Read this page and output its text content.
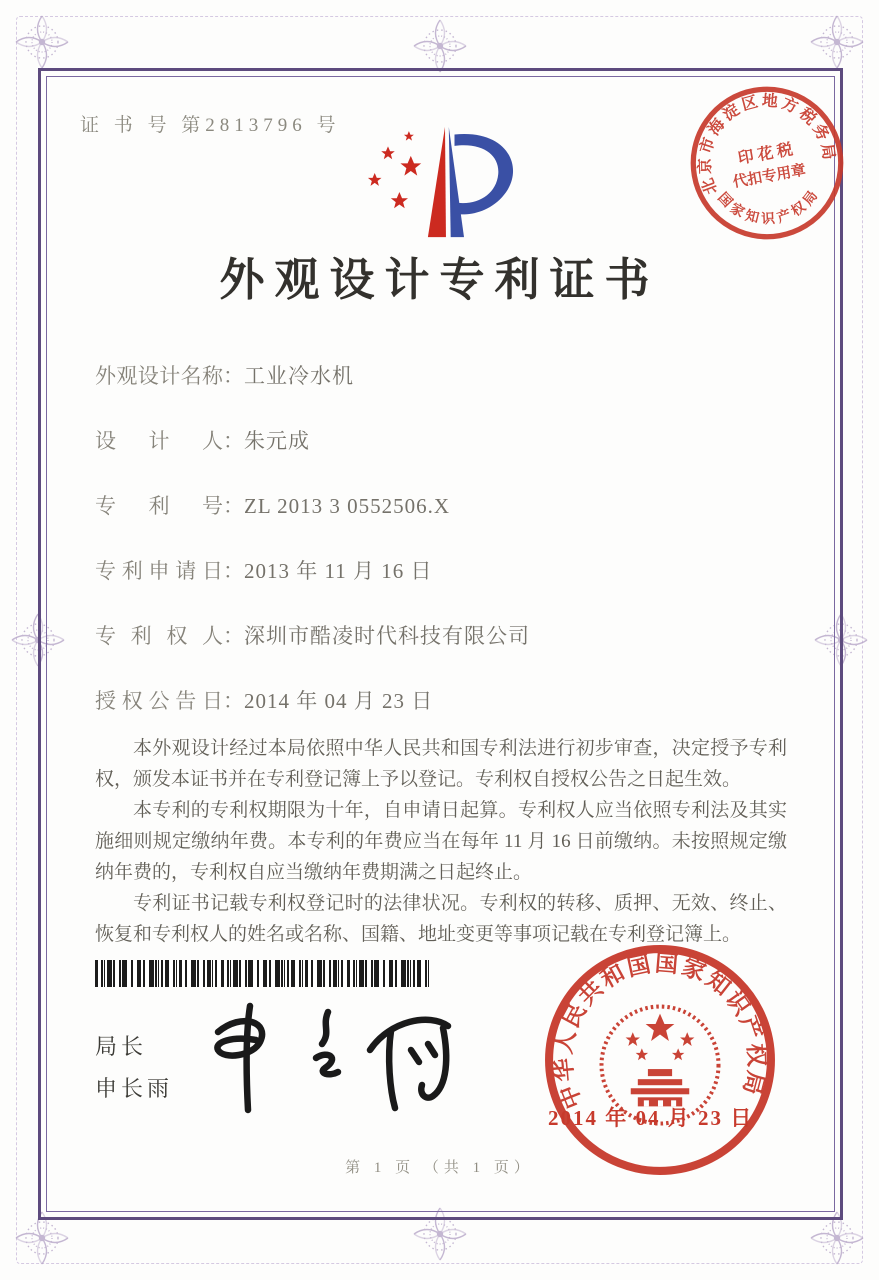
证 书 号 第2813796 号
北京市海淀区地方税务局
国家知识产权局
印 花 税
代扣专用章
外观设计专利证书
外观设计名称：工业冷水机
设　计　人：朱元成
专　利　号：ZL 2013 3 0552506.X
专利申请日：2013 年 11 月 16 日
专 利 权 人：深圳市酷凌时代科技有限公司
授权公告日：2014 年 04 月 23 日

本外观设计经过本局依照中华人民共和国专利法进行初步审查，决定授予专利权，颁发本证书并在专利登记簿上予以登记。专利权自授权公告之日起生效。

本专利的专利权期限为十年，自申请日起算。专利权人应当依照专利法及其实施细则规定缴纳年费。本专利的年费应当在每年 11 月 16 日前缴纳。未按照规定缴纳年费的，专利权自应当缴纳年费期满之日起终止。

专利证书记载专利权登记时的法律状况。专利权的转移、质押、无效、终止、恢复和专利权人的姓名或名称、国籍、地址变更等事项记载在专利登记簿上。

局长
申长雨	中华人民共和国国家知识产权局
2014 年 04 月 23 日
第 1 页 （共 1 页）
